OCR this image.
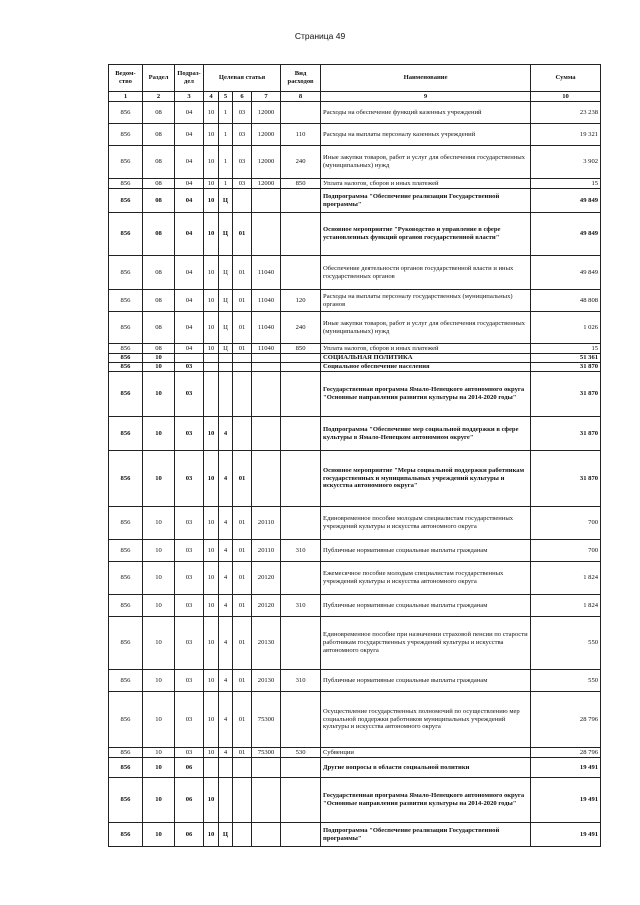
Страница 49
Ведом-ство	Раздел	Подраз-дел	Целевая статья				Вид расходов	Наименование	Сумма
1	2	3	4	5	6	7	8	9	10
856	08	04	10	1	03	12000		Расходы на обеспечение функций казенных учреждений	23 238
856	08	04	10	1	03	12000	110	Расходы на выплаты персоналу казенных учреждений	19 321
856	08	04	10	1	03	12000	240	Иные закупки товаров, работ и услуг для обеспечения государственных (муниципальных) нужд	3 902
856	08	04	10	1	03	12000	850	Уплата налогов, сборов и иных платежей	15
856	08	04	10	Ц				Подпрограмма "Обеспечение реализации Государственной программы"	49 849
856	08	04	10	Ц	01			Основное мероприятие "Руководство и управление в сфере установленных функций органов государственной власти"	49 849
856	08	04	10	Ц	01	11040		Обеспечение деятельности органов государственной власти и иных государственных органов	49 849
856	08	04	10	Ц	01	11040	120	Расходы на выплаты персоналу государственных (муниципальных) органов	48 808
856	08	04	10	Ц	01	11040	240	Иные закупки товаров, работ и услуг для обеспечения государственных (муниципальных) нужд	1 026
856	08	04	10	Ц	01	11040	850	Уплата налогов, сборов и иных платежей	15
856	10							СОЦИАЛЬНАЯ ПОЛИТИКА	51 361
856	10	03						Социальное обеспечение населения	31 870
856	10	03						Государственная программа Ямало-Ненецкого автономного округа "Основные направления развития культуры на 2014-2020 годы"	31 870
856	10	03	10	4				Подпрограмма "Обеспечение мер социальной поддержки в сфере культуры в Ямало-Ненецком автономном округе"	31 870
856	10	03	10	4	01			Основное мероприятие "Меры социальной поддержки работникам государственных и муниципальных учреждений культуры и искусства автономного округа"	31 870
856	10	03	10	4	01	20110		Единовременное пособие молодым специалистам государственных учреждений культуры и искусства автономного округа	700
856	10	03	10	4	01	20110	310	Публичные нормативные социальные выплаты гражданам	700
856	10	03	10	4	01	20120		Ежемесячное пособие молодым специалистам государственных учреждений культуры и искусства автономного округа	1 824
856	10	03	10	4	01	20120	310	Публичные нормативные социальные выплаты гражданам	1 824
856	10	03	10	4	01	20130		Единовременное пособие при назначении страховой пенсии по старости работникам государственных учреждений культуры и искусства автономного округа	550
856	10	03	10	4	01	20130	310	Публичные нормативные социальные выплаты гражданам	550
856	10	03	10	4	01	75300		Осуществление государственных полномочий по осуществлению мер социальной поддержки работников муниципальных учреждений культуры и искусства автономного округа	28 796
856	10	03	10	4	01	75300	530	Субвенции	28 796
856	10	06						Другие вопросы в области социальной политики	19 491
856	10	06	10					Государственная программа Ямало-Ненецкого автономного округа "Основные направления развития культуры на 2014-2020 годы"	19 491
856	10	06	10	Ц				Подпрограмма "Обеспечение реализации Государственной программы"	19 491
